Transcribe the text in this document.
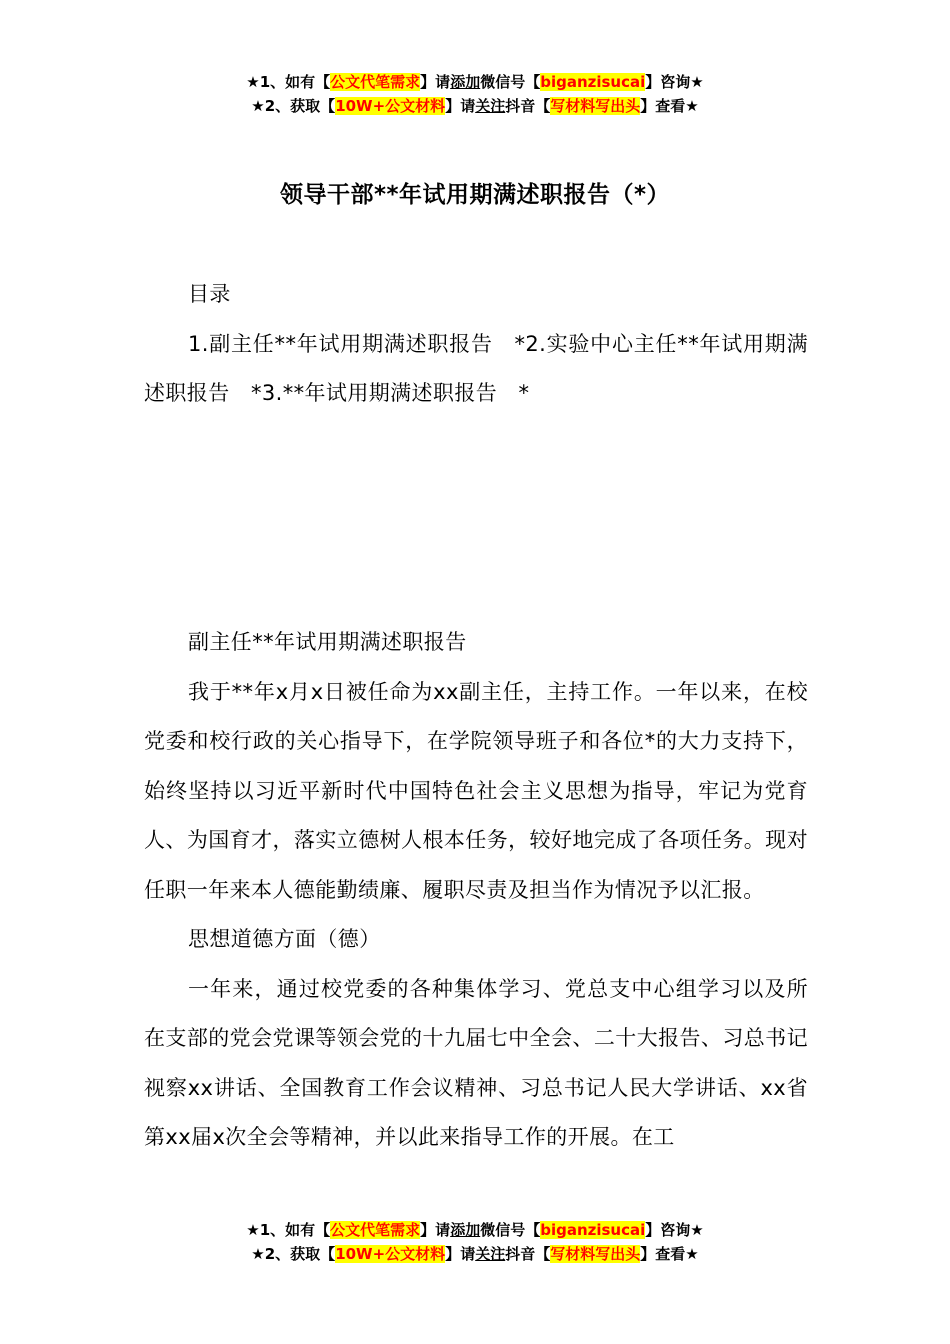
★1、如有【公文代笔需求】请添加微信号【biganzisucai】咨询★
★2、获取【10W+公文材料】请关注抖音【写材料写出头】查看★
领导干部**年试用期满述职报告（*）

目录

1.副主任**年试用期满述职报告　*2.实验中心主任**年试用期满述职报告　*3.**年试用期满述职报告　*

副主任**年试用期满述职报告

我于**年x月x日被任命为xx副主任，主持工作。一年以来，在校党委和校行政的关心指导下，在学院领导班子和各位*的大力支持下，始终坚持以习近平新时代中国特色社会主义思想为指导，牢记为党育人、为国育才，落实立德树人根本任务，较好地完成了各项任务。现对任职一年来本人德能勤绩廉、履职尽责及担当作为情况予以汇报。

思想道德方面（德）

一年来，通过校党委的各种集体学习、党总支中心组学习以及所在支部的党会党课等领会党的十九届七中全会、二十大报告、习总书记视察xx讲话、全国教育工作会议精神、习总书记人民大学讲话、xx省第xx届x次全会等精神，并以此来指导工作的开展。在工

★1、如有【公文代笔需求】请添加微信号【biganzisucai】咨询★
★2、获取【10W+公文材料】请关注抖音【写材料写出头】查看★
